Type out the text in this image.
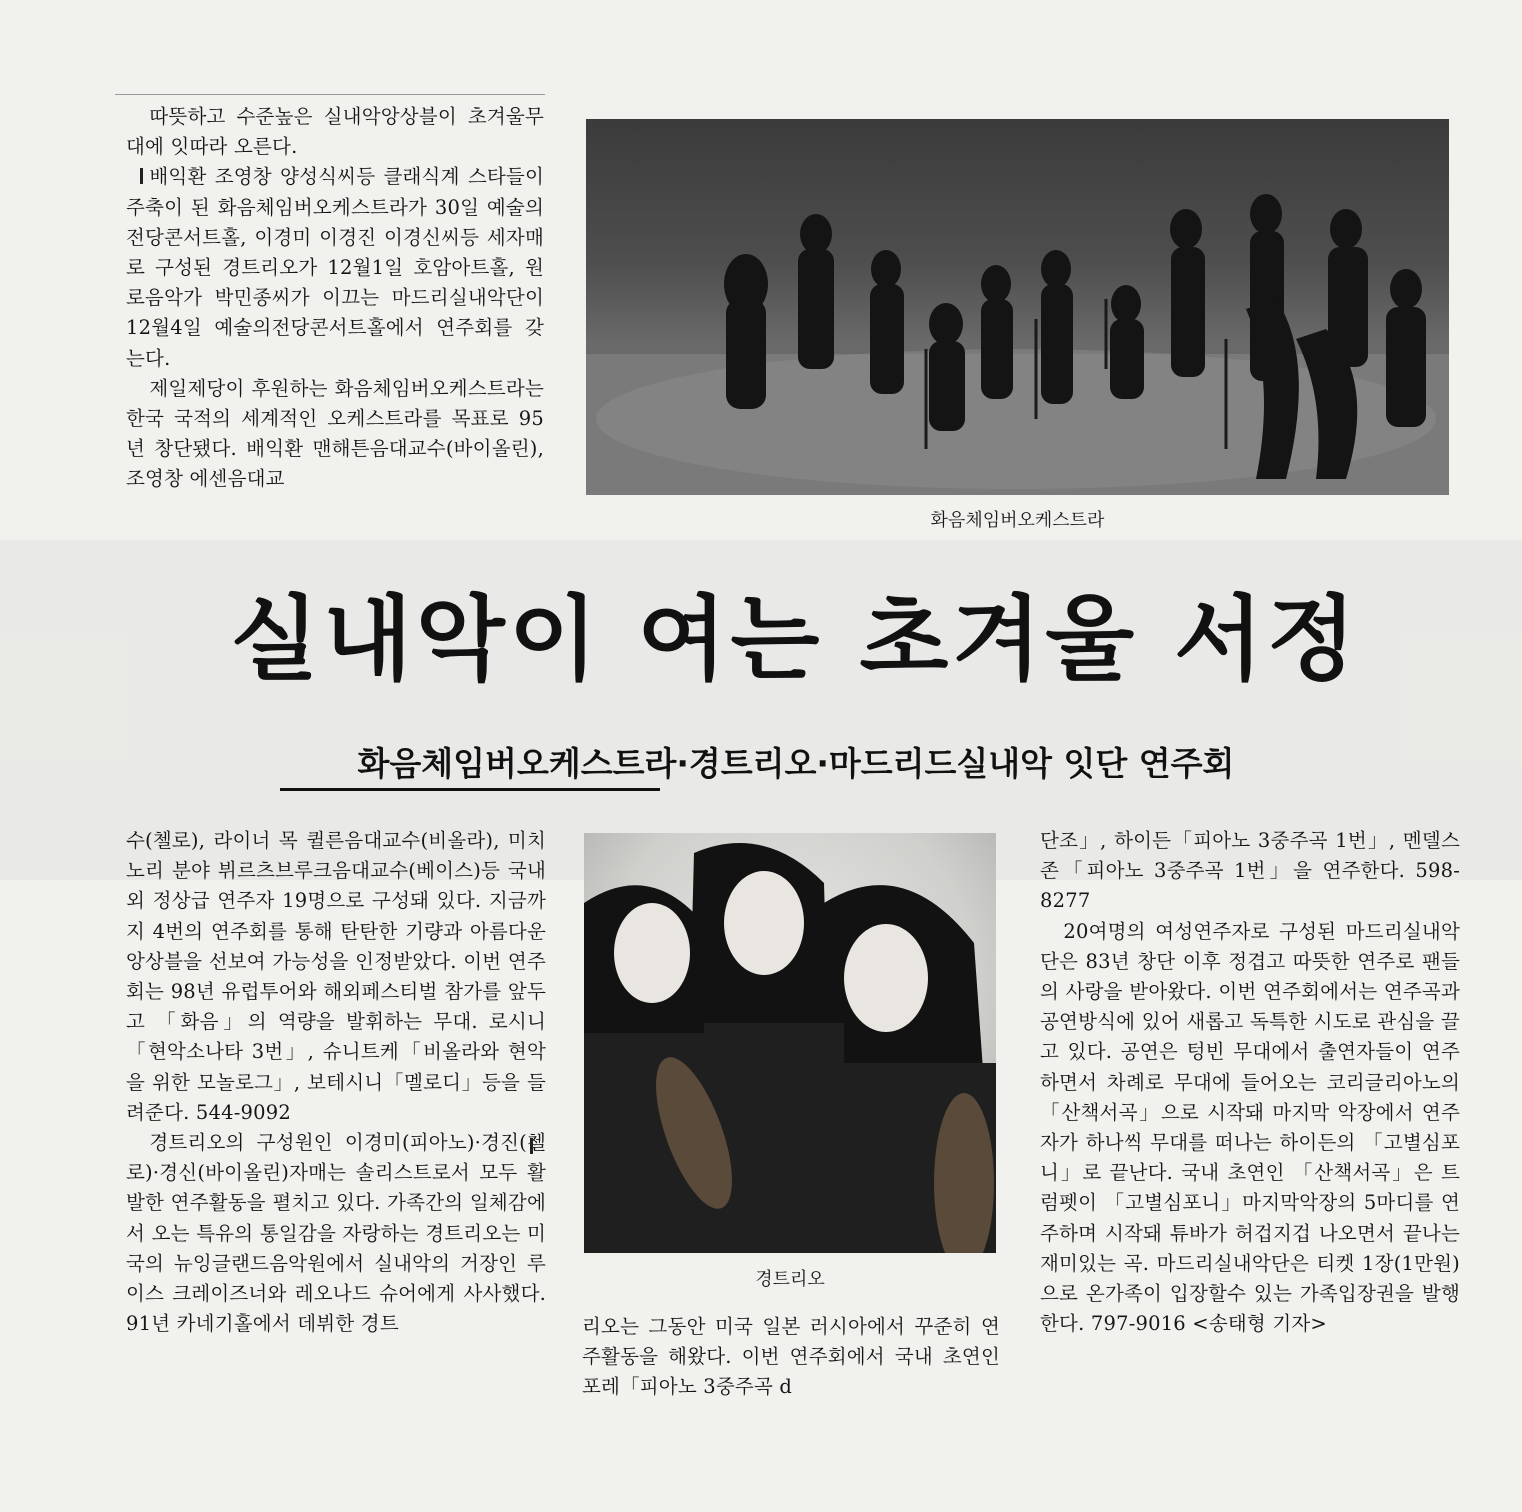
따뜻하고 수준높은 실내악앙상블이 초겨울무대에 잇따라 오른다.

배익환 조영창 양성식씨등 클래식계 스타들이 주축이 된 화음체임버오케스트라가 30일 예술의전당콘서트홀, 이경미 이경진 이경신씨등 세자매로 구성된 경트리오가 12월1일 호암아트홀, 원로음악가 박민종씨가 이끄는 마드리실내악단이 12월4일 예술의전당콘서트홀에서 연주회를 갖는다.

제일제당이 후원하는 화음체임버오케스트라는 한국 국적의 세계적인 오케스트라를 목표로 95년 창단됐다. 배익환 맨해튼음대교수(바이올린), 조영창 에센음대교

화음체임버오케스트라
실내악이 여는 초겨울 서정
화음체임버오케스트라·경트리오·마드리드실내악 잇단 연주회

수(첼로), 라이너 목 퀼른음대교수(비올라), 미치노리 분야 뷔르츠브루크음대교수(베이스)등 국내외 정상급 연주자 19명으로 구성돼 있다. 지금까지 4번의 연주회를 통해 탄탄한 기량과 아름다운 앙상블을 선보여 가능성을 인정받았다. 이번 연주회는 98년 유럽투어와 해외페스티벌 참가를 앞두고 「화음」의 역량을 발휘하는 무대. 로시니「현악소나타 3번」, 슈니트케「비올라와 현악을 위한 모놀로그」, 보테시니「멜로디」등을 들려준다. 544-9092

경트리오의 구성원인 이경미(피아노)·경진(첼로)·경신(바이올린)자매는 솔리스트로서 모두 활발한 연주활동을 펼치고 있다. 가족간의 일체감에서 오는 특유의 통일감을 자랑하는 경트리오는 미국의 뉴잉글랜드음악원에서 실내악의 거장인 루이스 크레이즈너와 레오나드 슈어에게 사사했다. 91년 카네기홀에서 데뷔한 경트

경트리오

리오는 그동안 미국 일본 러시아에서 꾸준히 연주활동을 해왔다. 이번 연주회에서 국내 초연인 포레「피아노 3중주곡 d

단조」, 하이든「피아노 3중주곡 1번」, 멘델스존「피아노 3중주곡 1번」을 연주한다. 598-8277

20여명의 여성연주자로 구성된 마드리실내악단은 83년 창단 이후 정겹고 따뜻한 연주로 팬들의 사랑을 받아왔다. 이번 연주회에서는 연주곡과 공연방식에 있어 새롭고 독특한 시도로 관심을 끌고 있다. 공연은 텅빈 무대에서 출연자들이 연주하면서 차례로 무대에 들어오는 코리글리아노의 「산책서곡」으로 시작돼 마지막 악장에서 연주자가 하나씩 무대를 떠나는 하이든의 「고별심포니」로 끝난다. 국내 초연인 「산책서곡」은 트럼펫이 「고별심포니」마지막악장의 5마디를 연주하며 시작돼 튜바가 허겁지겁 나오면서 끝나는 재미있는 곡. 마드리실내악단은 티켓 1장(1만원)으로 온가족이 입장할수 있는 가족입장권을 발행한다. 797-9016 <송태형 기자>
